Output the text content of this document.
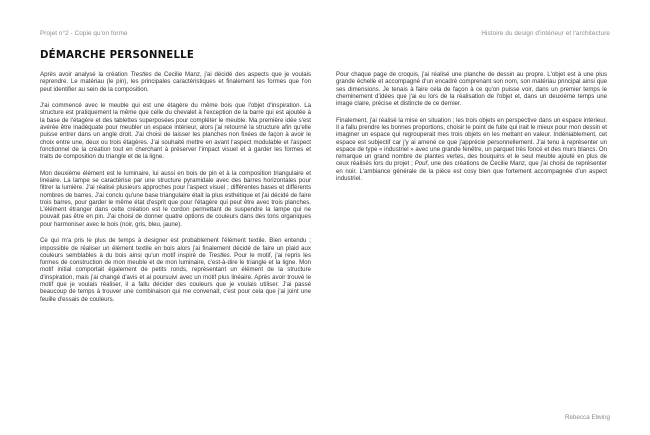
Projet n°2 - Copie qu'on forme	Histoire du design d'intérieur et l'architecture
DÉMARCHE PERSONNELLE

Après avoir analysé la création Trestles de Cecilie Manz, j'ai décidé des aspects que je voulais reprendre. Le matériau (le pin), les principales caractéristiques et finalement les formes que l'on peut identifier au sein de la composition.

J'ai commencé avec le meuble qui est une étagère du même bois que l'objet d'inspiration. La structure est pratiquement la même que celle du chevalet à l'exception de la barre qui est ajoutée à la base de l'étagère et des tablettes superposées pour compléter le meuble. Ma première idée s'est avérée être inadéquate pour meubler un espace intérieur, alors j'ai retourné la structure afin qu'elle puisse entrer dans un angle droit. J'ai choisi de laisser les planches non fixées de façon à avoir le choix entre une, deux ou trois étagères. J'ai souhaité mettre en avant l'aspect modulable et l'aspect fonctionnel de la création tout en cherchant à préserver l'impact visuel et à garder les formes et traits de composition du triangle et de la ligne.

Mon deuxième élément est le luminaire, lui aussi en bois de pin et à la composition triangulaire et linéaire. La lampe se caractérise par une structure pyramidale avec des barres horizontales pour filtrer la lumière. J'ai réalisé plusieurs approches pour l'aspect visuel ; différentes bases et différents nombres de barres. J'ai conclu qu'une base triangulaire était la plus esthétique et j'ai décidé de faire trois barres, pour garder le même état d'esprit que pour l'étagère qui peut être avec trois planches. L'élément étranger dans cette création est le cordon permettant de suspendre la lampe qui ne pouvait pas être en pin. J'ai choisi de donner quatre options de couleurs dans des tons organiques pour harmoniser avec le bois (noir, gris, bleu, jaune).

Ce qui m'a pris le plus de temps à designer est probablement l'élément textile. Bien entendu ; impossible de réaliser un élément textile en bois alors j'ai finalement décidé de faire un plaid aux couleurs semblables à du bois ainsi qu'un motif inspiré de Trestles. Pour le motif, j'ai repris les formes de construction de mon meuble et de mon luminaire, c'est-à-dire le triangle et la ligne. Mon motif initial comportait également de petits ronds, représentant un élément de la structure d'inspiration, mais j'ai changé d'avis et ai poursuivi avec un motif plus linéaire. Après avoir trouvé le motif que je voulais réaliser, il a fallu décider des couleurs que je voulais utiliser. J'ai passé beaucoup de temps à trouver une combinaison qui me convenait, c'est pour cela que j'ai joint une feuille d'essais de couleurs.

Pour chaque page de croquis, j'ai réalisé une planche de dessin au propre. L'objet est à une plus grande échelle et accompagné d'un encadré comprenant son nom, son matériau principal ainsi que ses dimensions. Je tenais à faire cela de façon à ce qu'on puisse voir, dans un premier temps le cheminement d'idées que j'ai eu lors de la réalisation de l'objet et, dans un deuxième temps une image claire, précise et distincte de ce dernier.

Finalement, j'ai réalisé la mise en situation ; les trois objets en perspective dans un espace intérieur. Il a fallu prendre les bonnes proportions, choisir le point de fuite qui irait le mieux pour mon dessin et imaginer un espace qui regrouperait mes trois objets en les mettant en valeur. Indéniablement, cet espace est subjectif car j'y ai amené ce que j'apprécie personnellement. J'ai tenu à représenter un espace de type « industriel » avec une grande fenêtre, un parquet très foncé et des murs blancs. On remarque un grand nombre de plantes vertes, des bouquins et le seul meuble ajouté en plus de ceux réalisés lors du projet ; Pouf, une des créations de Cecilie Manz, que j'ai choisi de représenter en noir. L'ambiance générale de la pièce est cosy bien que fortement accompagnée d'un aspect industriel.

Rebecca Elwing
